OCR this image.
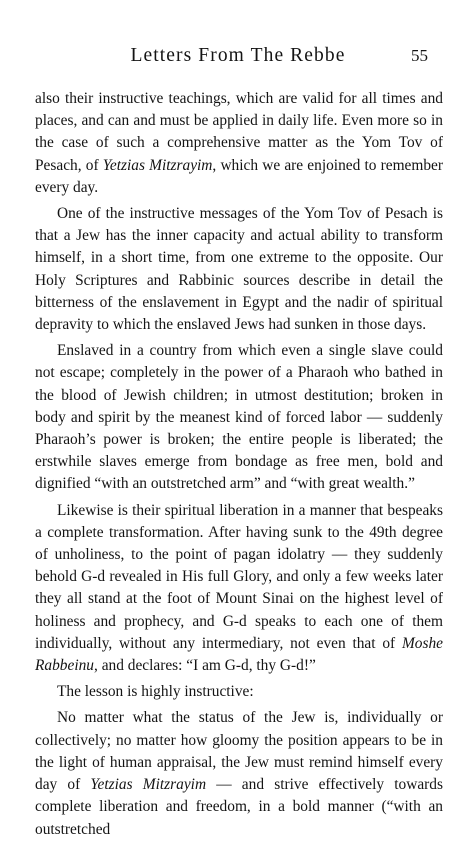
Letters From The Rebbe	55

also their instructive teachings, which are valid for all times and places, and can and must be applied in daily life. Even more so in the case of such a comprehensive matter as the Yom Tov of Pesach, of Yetzias Mitzrayim, which we are enjoined to remember every day.

One of the instructive messages of the Yom Tov of Pesach is that a Jew has the inner capacity and actual ability to transform himself, in a short time, from one extreme to the opposite. Our Holy Scriptures and Rabbinic sources describe in detail the bitterness of the enslavement in Egypt and the nadir of spiritual depravity to which the enslaved Jews had sunken in those days.

Enslaved in a country from which even a single slave could not escape; completely in the power of a Pharaoh who bathed in the blood of Jewish children; in utmost destitution; broken in body and spirit by the meanest kind of forced labor — suddenly Pharaoh’s power is broken; the entire people is liberated; the erstwhile slaves emerge from bondage as free men, bold and dignified “with an outstretched arm” and “with great wealth.”

Likewise is their spiritual liberation in a manner that bespeaks a complete transformation. After having sunk to the 49th degree of unholiness, to the point of pagan idolatry — they suddenly behold G-d revealed in His full Glory, and only a few weeks later they all stand at the foot of Mount Sinai on the highest level of holiness and prophecy, and G-d speaks to each one of them individually, without any intermediary, not even that of Moshe Rabbeinu, and declares: “I am G-d, thy G-d!”

The lesson is highly instructive:

No matter what the status of the Jew is, individually or collectively; no matter how gloomy the position appears to be in the light of human appraisal, the Jew must remind himself every day of Yetzias Mitzrayim — and strive effectively towards complete liberation and freedom, in a bold manner (“with an outstretched
